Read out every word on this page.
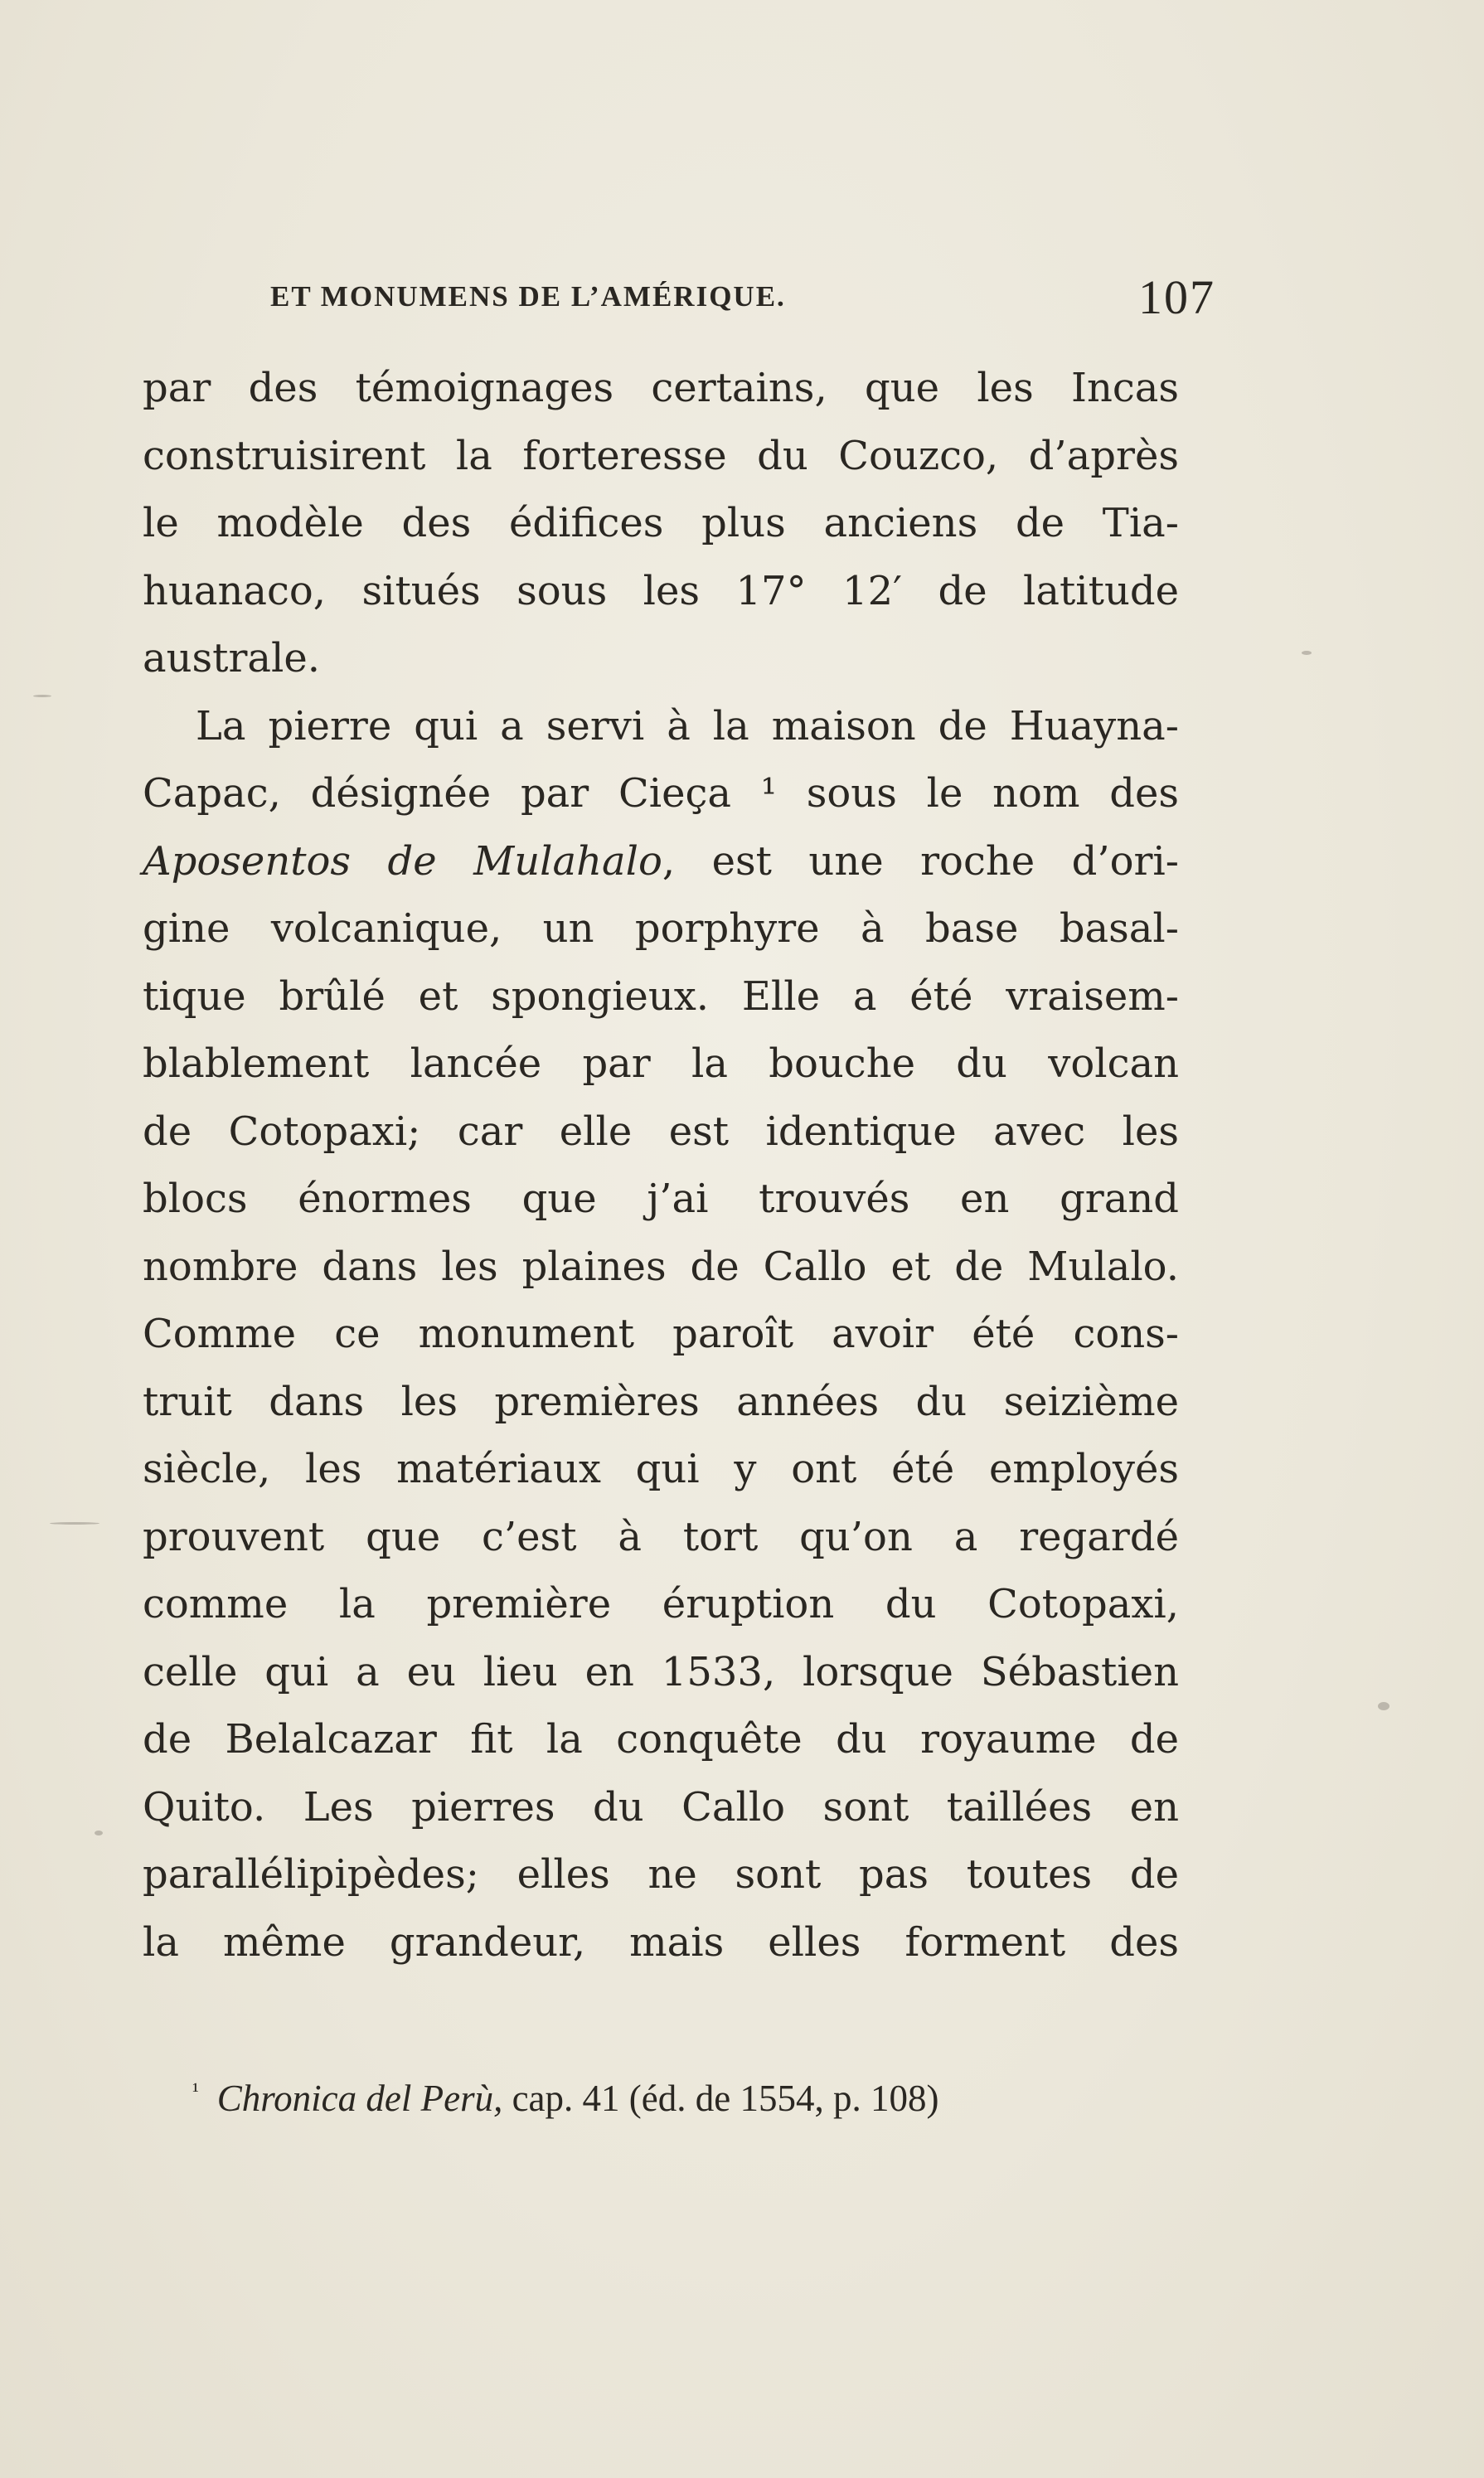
ET MONUMENS DE L’AMÉRIQUE.	107
par des témoignages certains, que les Incas
construisirent la forteresse du Couzco, d’après
le modèle des édifices plus anciens de Tia-
huanaco, situés sous les 17° 12′ de latitude
australe.
La pierre qui a servi à la maison de Huayna-
Capac, désignée par Cieça ¹ sous le nom des
Aposentos de Mulahalo, est une roche d’ori-
gine volcanique, un porphyre à base basal-
tique brûlé et spongieux. Elle a été vraisem-
blablement lancée par la bouche du volcan
de Cotopaxi; car elle est identique avec les
blocs énormes que j’ai trouvés en grand
nombre dans les plaines de Callo et de Mulalo.
Comme ce monument paroît avoir été cons-
truit dans les premières années du seizième
siècle, les matériaux qui y ont été employés
prouvent que c’est à tort qu’on a regardé
comme la première éruption du Cotopaxi,
celle qui a eu lieu en 1533, lorsque Sébastien
de Belalcazar fit la conquête du royaume de
Quito. Les pierres du Callo sont taillées en
parallélipipèdes; elles ne sont pas toutes de
la même grandeur, mais elles forment des
$^{^1}$ Chronica del Perù, cap. 41 (éd. de 1554, p. 108)
